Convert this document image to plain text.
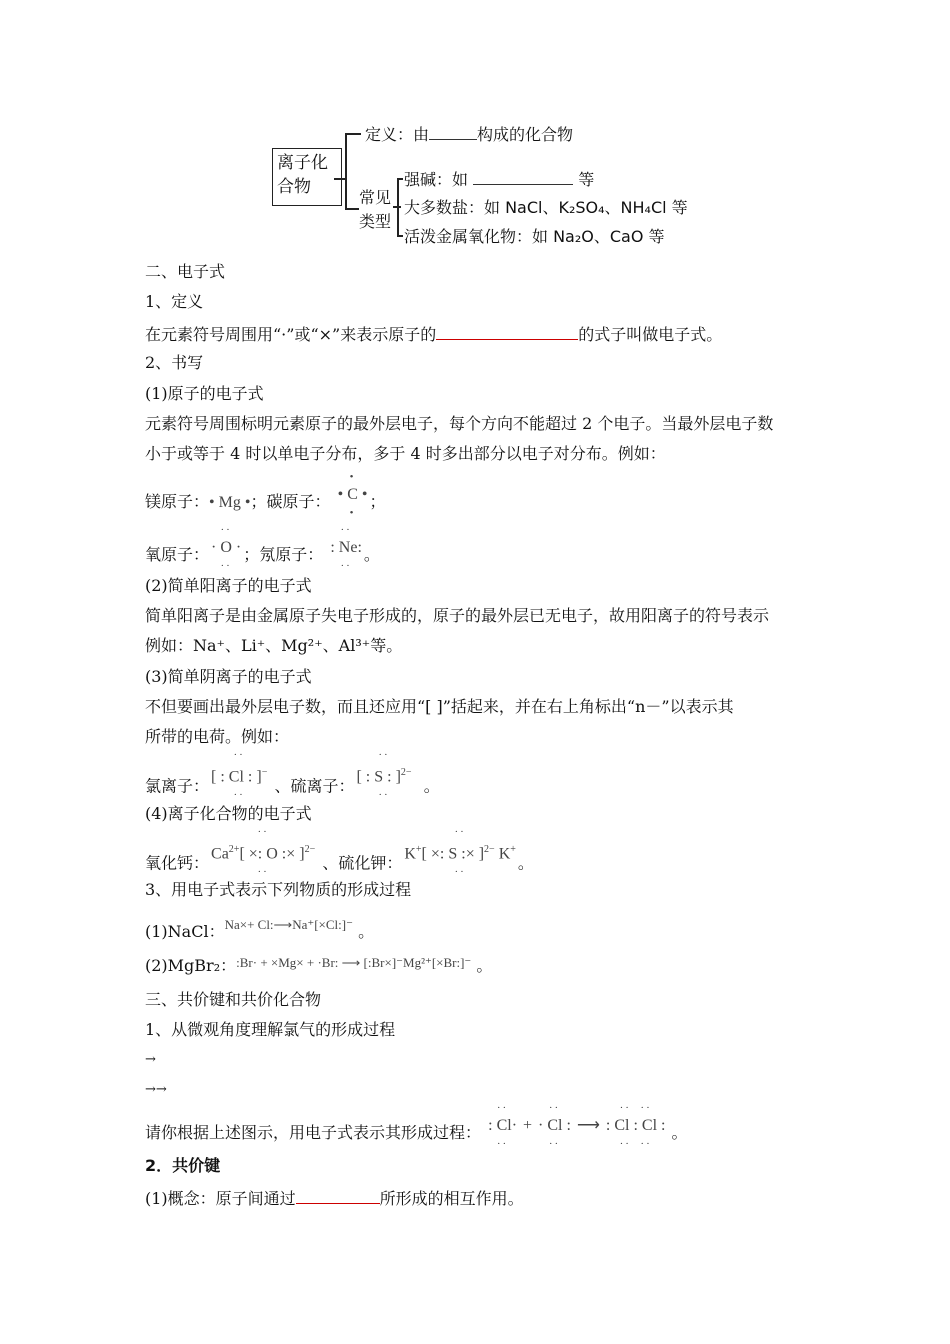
离子化合物
定义：由	构成的化合物
常见类型
强碱：如	等
大多数盐：如 NaCl、K₂SO₄、NH₄Cl 等
活泼金属氧化物：如 Na₂O、CaO 等
二、电子式
1、定义
在元素符号周围用“·”或“×”来表示原子的	的式子叫做电子式。
2、书写
(1)原子的电子式
元素符号周围标明元素原子的最外层电子，每个方向不能超过 2 个电子。当最外层电子数
小于或等于 4 时以单电子分布，多于 4 时多出部分以电子对分布。例如：
镁原子：• Mg •；碳原子： • C •
•
•
；
氧原子： · O ·
··
··
；氖原子： : Ne:
··
··
。
(2)简单阳离子的电子式
简单阳离子是由金属原子失电子形成的，原子的最外层已无电子，故用阳离子的符号表示
例如：Na⁺、Li⁺、Mg²⁺、Al³⁺等。
(3)简单阴离子的电子式
不但要画出最外层电子数，而且还应用“[ ]”括起来，并在右上角标出“n－”以表示其
所带的电荷。例如：
氯离子： [ : Cl : ]−
··
··	、硫离子： [ : S : ]$^{2-}$
··
··	。
(4)离子化合物的电子式
氧化钙： $Ca^{2+}$[ ×: O :× ]$^{2-}$
··
··	、硫化钾： K+[ ×: S :× ]$^{2-}$ K+
··
··	。
3、用电子式表示下列物质的形成过程
(1)NaCl：$^{Na\times+ Cl:⟶Na^+[\times Cl:]^-}$ 。
(2)MgBr₂：$^{:Br\cdot + \times Mg\times + \cdot Br: ⟶ [:Br\times]^-Mg^{2+}[\times Br:]^-}$ 。
三、共价键和共价化合物
1、从微观角度理解氯气的形成过程
→
→→
请你根据上述图示，用电子式表示其形成过程： : Cl·
··
··
+ · Cl :
··
··
⟶ : Cl : Cl :
··  ··
··  ··
。
2．共价键
(1)概念：原子间通过	所形成的相互作用。
